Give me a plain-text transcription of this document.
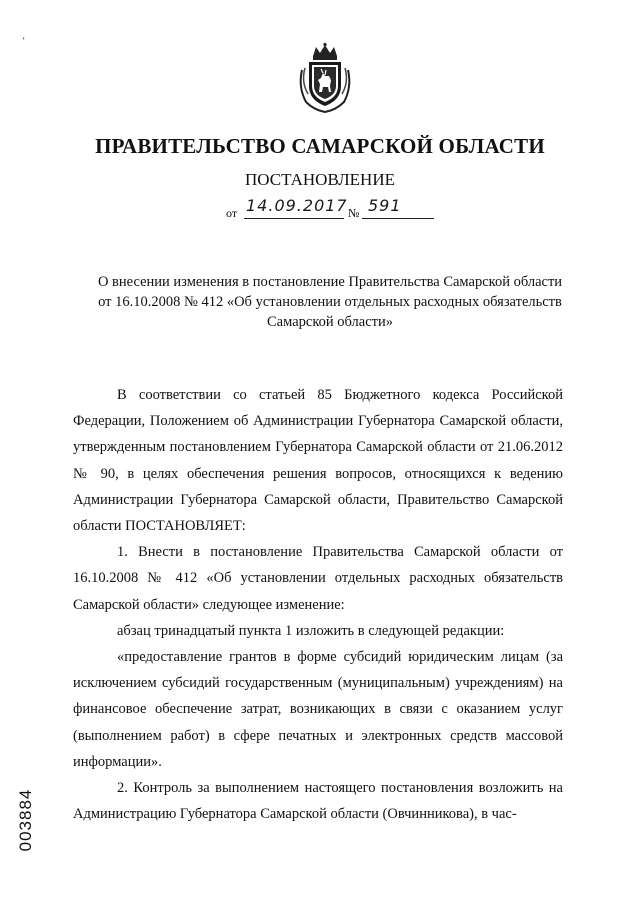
‘
ПРАВИТЕЛЬСТВО САМАРСКОЙ ОБЛАСТИ
ПОСТАНОВЛЕНИЕ
от 14.09.2017 № 591
О внесении изменения в постановление Правительства Самарской области
от 16.10.2008 № 412 «Об установлении отдельных расходных обязательств
Самарской области»

В соответствии со статьей 85 Бюджетного кодекса Российской Федерации, Положением об Администрации Губернатора Самарской области, утвержденным постановлением Губернатора Самарской области от 21.06.2012 № 90, в целях обеспечения решения вопросов, относящихся к ведению Администрации Губернатора Самарской области, Правительство Самарской области ПОСТАНОВЛЯЕТ:

1. Внести в постановление Правительства Самарской области от 16.10.2008 № 412 «Об установлении отдельных расходных обязательств Самарской области» следующее изменение:

абзац тринадцатый пункта 1 изложить в следующей редакции:

«предоставление грантов в форме субсидий юридическим лицам (за исключением субсидий государственным (муниципальным) учреждениям) на финансовое обеспечение затрат, возникающих в связи с оказанием услуг (выполнением работ) в сфере печатных и электронных средств массовой информации».

2. Контроль за выполнением настоящего постановления возложить на Администрацию Губернатора Самарской области (Овчинникова), в час-

003884
